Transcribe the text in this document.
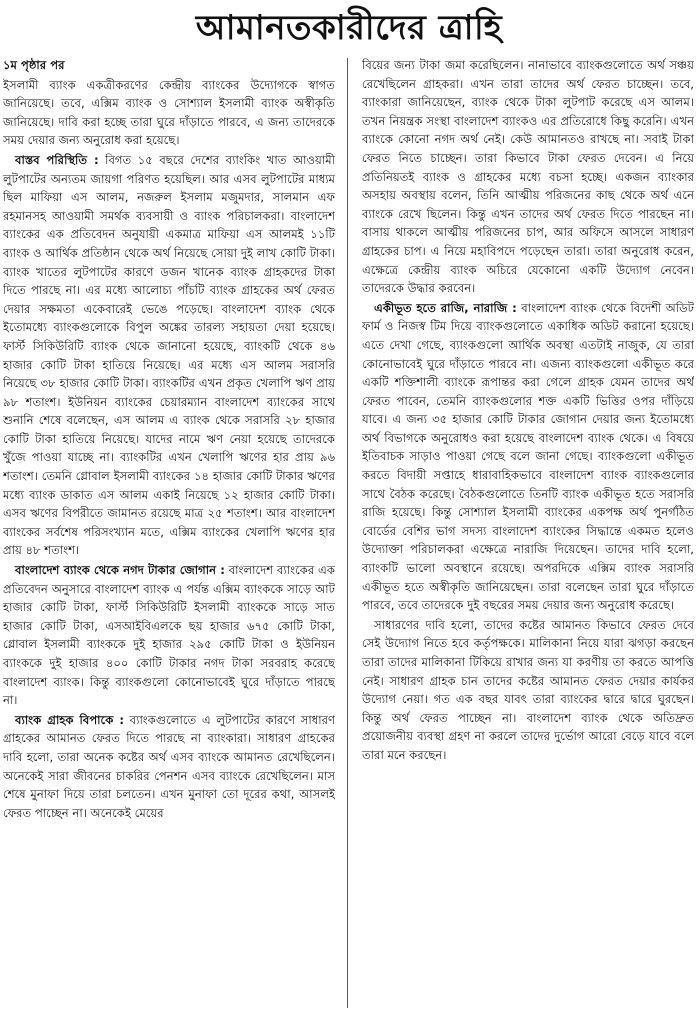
আমানতকারীদের ত্রাহি

১ম পৃষ্ঠার পর

ইসলামী ব্যাংক একত্রীকরণের কেন্দ্রীয় ব্যাংকের উদ্যোগকে স্বাগত জানিয়েছে। তবে, এক্সিম ব্যাংক ও সোশ্যাল ইসলামী ব্যাংক অস্বীকৃতি জানিয়েছে। দাবি করা হচ্ছে তারা ঘুরে দাঁড়াতে পারবে, এ জন্য তাদেরকে সময় দেয়ার জন্য অনুরোধ করা হয়েছে।

বাস্তব পরিস্থিতি : বিগত ১৫ বছরে দেশের ব্যাংকিং খাত আওয়ামী লুটপাটের অন্যতম জায়গা পরিণত হয়েছিল। আর এসব লুটপাটের মাধ্যম ছিল মাফিয়া এস আলম, নজরুল ইসলাম মজুমদার, সালমান এফ রহমানসহ আওয়ামী সমর্থক ব্যবসায়ী ও ব্যাংক পরিচালকরা। বাংলাদেশ ব্যাংকের এক প্রতিবেদন অনুযায়ী একমাত্র মাফিয়া এস আলমই ১১টি ব্যাংক ও আর্থিক প্রতিষ্ঠান থেকে অর্থ নিয়েছে সোয়া দুই লাখ কোটি টাকা। ব্যাংক খাতের লুটপাটের কারণে ডজন খানেক ব্যাংক গ্রাহকদের টাকা দিতে পারছে না। এর মধ্যে আলোচ্য পাঁচটি ব্যাংক গ্রাহকের অর্থ ফেরত দেয়ার সক্ষমতা একেবারেই ভেঙে পড়েছে। বাংলাদেশ ব্যাংক থেকে ইতোমধ্যে ব্যাংকগুলোকে বিপুল অঙ্কের তারল্য সহায়তা দেয়া হয়েছে। ফার্স্ট সিকিউরিটি ব্যাংক থেকে জানানো হয়েছে, ব্যাংকটি থেকে ৪৬ হাজার কোটি টাকা হাতিয়ে নিয়েছে। এর মধ্যে এস আলম সরাসরি নিয়েছে ৩৮ হাজার কোটি টাকা। ব্যাংকটির এখন প্রকৃত খেলাপি ঋণ প্রায় ৯৮ শতাংশ। ইউনিয়ন ব্যাংকের চেয়ারম্যান বাংলাদেশ ব্যাংকের সাথে শুনানি শেষে বলেছেন, এস আলম এ ব্যাংক থেকে সরাসরি ২৮ হাজার কোটি টাকা হাতিয়ে নিয়েছে। যাদের নামে ঋণ নেয়া হয়েছে তাদেরকে খুঁজে পাওয়া যাচ্ছে না। ব্যাংকটির এখন খেলাপি ঋণের হার প্রায় ৯৬ শতাংশ। তেমনি গ্লোবাল ইসলামী ব্যাংকের ১৪ হাজার কোটি টাকার ঋণের মধ্যে ব্যাংক ডাকাত এস আলম একাই নিয়েছে ১২ হাজার কোটি টাকা। এসব ঋণের বিপরীতে জামানত রয়েছে মাত্র ২৫ শতাংশ। আর বাংলাদেশ ব্যাংকের সর্বশেষ পরিসংখ্যান মতে, এক্সিম ব্যাংকের খেলাপি ঋণের হার প্রায় ৪৮ শতাংশ।

বাংলাদেশ ব্যাংক থেকে নগদ টাকার জোগান : বাংলাদেশ ব্যাংকের এক প্রতিবেদন অনুসারে বাংলাদেশ ব্যাংক এ পর্যন্ত এক্সিম ব্যাংককে সাড়ে আট হাজার কোটি টাকা, ফার্স্ট সিকিউরিটি ইসলামী ব্যাংককে সাড়ে সাত হাজার কোটি টাকা, এসআইবিএলকে ছয় হাজার ৬৭৫ কোটি টাকা, গ্লোবাল ইসলামী ব্যাংককে দুই হাজার ২৯৫ কোটি টাকা ও ইউনিয়ন ব্যাংককে দুই হাজার ৪০০ কোটি টাকার নগদ টাকা সরবরাহ করেছে বাংলাদেশ ব্যাংক। কিন্তু ব্যাংকগুলো কোনোভাবেই ঘুরে দাঁড়াতে পারছে না।

ব্যাংক গ্রাহক বিপাকে : ব্যাংকগুলোতে এ লুটপাটের কারণে সাধারণ গ্রাহকের আমানত ফেরত দিতে পারছে না ব্যাংকারা। সাধারণ গ্রাহকের দাবি হলো, তারা অনেক কষ্টের অর্থ এসব ব্যাংকে আমানত রেখেছিলেন। অনেকেই সারা জীবনের চাকরির পেনশন এসব ব্যাংকে রেখেছিলেন। মাস শেষে মুনাফা দিয়ে তারা চলতেন। এখন মুনাফা তো দূরের কথা, আসলই ফেরত পাচ্ছেন না। অনেকেই মেয়ের

বিয়ের জন্য টাকা জমা করেছিলেন। নানাভাবে ব্যাংকগুলোতে অর্থ সঞ্চয় রেখেছিলেন গ্রাহকরা। এখন তারা তাদের অর্থ ফেরত চাচ্ছেন। তবে, ব্যাংকারা জানিয়েছেন, ব্যাংক থেকে টাকা লুটপাট করেছে এস আলম। তখন নিয়ন্ত্রক সংস্থা বাংলাদেশ ব্যাংকও এর প্রতিরোধে কিছু করেনি। এখন ব্যাংকে কোনো নগদ অর্থ নেই। কেউ আমানতও রাখছে না। সবাই টাকা ফেরত নিতে চাচ্ছেন। তারা কিভাবে টাকা ফেরত দেবেন। এ নিয়ে প্রতিনিয়তই ব্যাংক ও গ্রাহকের মধ্যে বচসা হচ্ছে। একজন ব্যাংকার অসহায় অবস্থায় বলেন, তিনি আত্মীয় পরিজনের কাছ থেকে অর্থ এনে ব্যাংকে রেখে ছিলেন। কিন্তু এখন তাদের অর্থ ফেরত দিতে পারছেন না। বাসায় থাকলে আত্মীয় পরিজনের চাপ, আর অফিসে আসলে সাধারণ গ্রাহকের চাপ। এ নিয়ে মহাবিপদে পড়েছেন তারা। তারা অনুরোধ করেন, এক্ষেত্রে কেন্দ্রীয় ব্যাংক অচিরে যেকোনো একটি উদ্যোগ নেবেন। তাদেরকে উদ্ধার করবেন।

একীভূত হতে রাজি, নারাজি : বাংলাদেশ ব্যাংক থেকে বিদেশী অডিট ফার্ম ও নিজস্ব টিম দিয়ে ব্যাংকগুলোতে একাধিক অডিট করানো হয়েছে। এতে দেখা গেছে, ব্যাংকগুলো আর্থিক অবস্থা এতটাই নাজুক, যে তারা কোনোভাবেই ঘুরে দাঁড়াতে পারবে না। এজন্য ব্যাংকগুলো একীভূত করে একটি শক্তিশালী ব্যাংকে রূপান্তর করা গেলে গ্রাহক যেমন তাদের অর্থ ফেরত পাবেন, তেমনি ব্যাংকগুলোর শক্ত একটি ভিত্তির ওপর দাঁড়িয়ে যাবে। এ জন্য ৩৫ হাজার কোটি টাকার জোগান দেয়ার জন্য ইতোমধ্যে অর্থ বিভাগকে অনুরোধও করা হয়েছে বাংলাদেশ ব্যাংক থেকে। এ বিষয়ে ইতিবাচক সাড়াও পাওয়া গেছে বলে জানা গেছে। ব্যাংকগুলো একীভূত করতে বিদায়ী সপ্তাহে ধারাবাহিকভাবে বাংলাদেশ ব্যাংক ব্যাংকগুলোর সাথে বৈঠক করেছে। বৈঠকগুলোতে তিনটি ব্যাংক একীভূত হতে সরাসরি রাজি হয়েছে। কিন্তু সোশ্যাল ইসলামী ব্যাংকের একপক্ষ অর্থ পুনর্গঠিত বোর্ডের বেশির ভাগ সদস্য বাংলাদেশ ব্যাংকের সিদ্ধান্তে একমত হলেও উদ্যোক্তা পরিচালকরা এক্ষেত্রে নারাজি দিয়েছেন। তাদের দাবি হলো, ব্যাংকটি ভালো অবস্থানে রয়েছে। অপরদিকে এক্সিম ব্যাংক সরাসরি একীভূত হতে অস্বীকৃতি জানিয়েছেন। তারা বলেছেন তারা ঘুরে দাঁড়াতে পারবে, তবে তাদেরকে দুই বছরের সময় দেয়ার জন্য অনুরোধ করেছে।

সাধারণের দাবি হলো, তাদের কষ্টের আমানত কিভাবে ফেরত দেবে সেই উদ্যোগ নিতে হবে কর্তৃপক্ষকে। মালিকানা নিয়ে যারা ঝগড়া করছেন তারা তাদের মালিকানা টিকিয়ে রাখার জন্য যা করণীয় তা করতে আপত্তি নেই। সাধারণ গ্রাহক চান তাদের কষ্টের আমানত ফেরত দেয়ার কার্যকর উদ্যোগ নেয়া। গত এক বছর যাবৎ তারা ব্যাংকের দ্বারে দ্বারে ঘুরছেন। কিন্তু অর্থ ফেরত পাচ্ছেন না। বাংলাদেশ ব্যাংক থেকে অতিদ্রুত প্রয়োজনীয় ব্যবস্থা গ্রহণ না করলে তাদের দুর্ভোগ আরো বেড়ে যাবে বলে তারা মনে করছেন।
